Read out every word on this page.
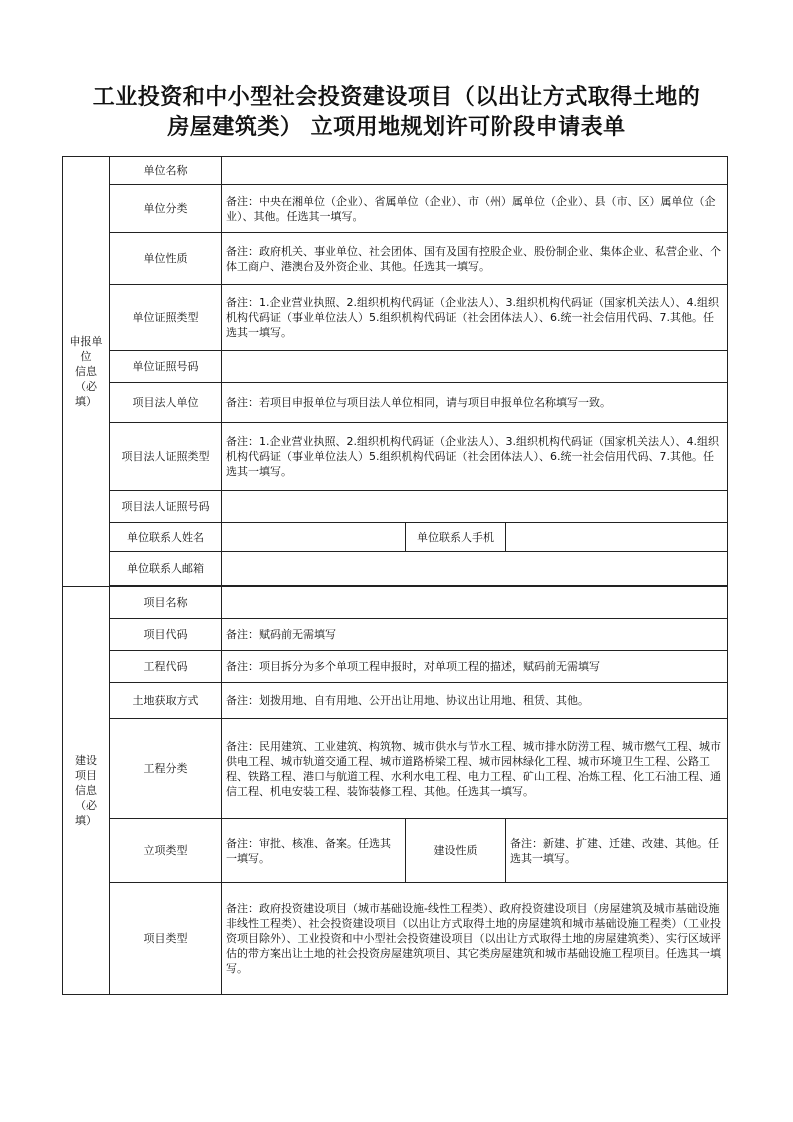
工业投资和中小型社会投资建设项目（以出让方式取得土地的
房屋建筑类） 立项用地规划许可阶段申请表单
申报单
位
信息
（必
填）	单位名称			
	单位分类	备注：中央在湘单位（企业）、省属单位（企业）、市（州）属单位（企业）、县（市、区）属单位（企业）、其他。任选其一填写。		
	单位性质	备注：政府机关、事业单位、社会团体、国有及国有控股企业、股份制企业、集体企业、私营企业、个体工商户、港澳台及外资企业、其他。任选其一填写。		
	单位证照类型	备注：1.企业营业执照、2.组织机构代码证（企业法人）、3.组织机构代码证（国家机关法人）、4.组织机构代码证（事业单位法人）5.组织机构代码证（社会团体法人）、6.统一社会信用代码、7.其他。任选其一填写。		
	单位证照号码			
	项目法人单位	备注：若项目申报单位与项目法人单位相同，请与项目申报单位名称填写一致。		
	项目法人证照类型	备注：1.企业营业执照、2.组织机构代码证（企业法人）、3.组织机构代码证（国家机关法人）、4.组织机构代码证（事业单位法人）5.组织机构代码证（社会团体法人）、6.统一社会信用代码、7.其他。任选其一填写。		
	项目法人证照号码			
	单位联系人姓名		单位联系人手机	
	单位联系人邮箱			

建设
项目
信息
（必
填）	项目名称			
	项目代码	备注：赋码前无需填写		
	工程代码	备注：项目拆分为多个单项工程申报时，对单项工程的描述，赋码前无需填写		
	土地获取方式	备注：划拨用地、自有用地、公开出让用地、协议出让用地、租赁、其他。		
	工程分类	备注：民用建筑、工业建筑、构筑物、城市供水与节水工程、城市排水防涝工程、城市燃气工程、城市供电工程、城市轨道交通工程、城市道路桥梁工程、城市园林绿化工程、城市环境卫生工程、公路工程、铁路工程、港口与航道工程、水利水电工程、电力工程、矿山工程、冶炼工程、化工石油工程、通信工程、机电安装工程、装饰装修工程、其他。任选其一填写。		
	立项类型	备注：审批、核准、备案。任选其一填写。	建设性质	备注：新建、扩建、迁建、改建、其他。任选其一填写。
	项目类型	备注：政府投资建设项目（城市基础设施-线性工程类）、政府投资建设项目（房屋建筑及城市基础设施非线性工程类）、社会投资建设项目（以出让方式取得土地的房屋建筑和城市基础设施工程类）（工业投资项目除外）、工业投资和中小型社会投资建设项目（以出让方式取得土地的房屋建筑类）、实行区域评估的带方案出让土地的社会投资房屋建筑项目、其它类房屋建筑和城市基础设施工程项目。任选其一填写。		
